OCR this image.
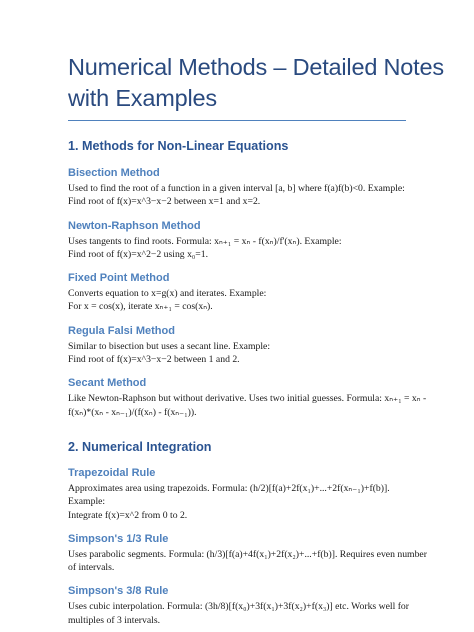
Numerical Methods – Detailed Notes
with Examples
1. Methods for Non-Linear Equations
Bisection Method

Used to find the root of a function in a given interval [a, b] where f(a)f(b)<0. Example:
Find root of f(x)=x^3−x−2 between x=1 and x=2.

Newton-Raphson Method

Uses tangents to find roots. Formula: xₙ₊₁ = xₙ - f(xₙ)/f'(xₙ). Example:
Find root of f(x)=x^2−2 using x₀=1.

Fixed Point Method

Converts equation to x=g(x) and iterates. Example:
For x = cos(x), iterate xₙ₊₁ = cos(xₙ).

Regula Falsi Method

Similar to bisection but uses a secant line. Example:
Find root of f(x)=x^3−x−2 between 1 and 2.

Secant Method

Like Newton-Raphson but without derivative. Uses two initial guesses. Formula: xₙ₊₁ = xₙ -
f(xₙ)*(xₙ - xₙ₋₁)/(f(xₙ) - f(xₙ₋₁)).

2. Numerical Integration
Trapezoidal Rule

Approximates area using trapezoids. Formula: (h/2)[f(a)+2f(x₁)+...+2f(xₙ₋₁)+f(b)].
Example:
Integrate f(x)=x^2 from 0 to 2.

Simpson's 1/3 Rule

Uses parabolic segments. Formula: (h/3)[f(a)+4f(x₁)+2f(x₂)+...+f(b)]. Requires even number
of intervals.

Simpson's 3/8 Rule

Uses cubic interpolation. Formula: (3h/8)[f(x₀)+3f(x₁)+3f(x₂)+f(x₃)] etc. Works well for
multiples of 3 intervals.
